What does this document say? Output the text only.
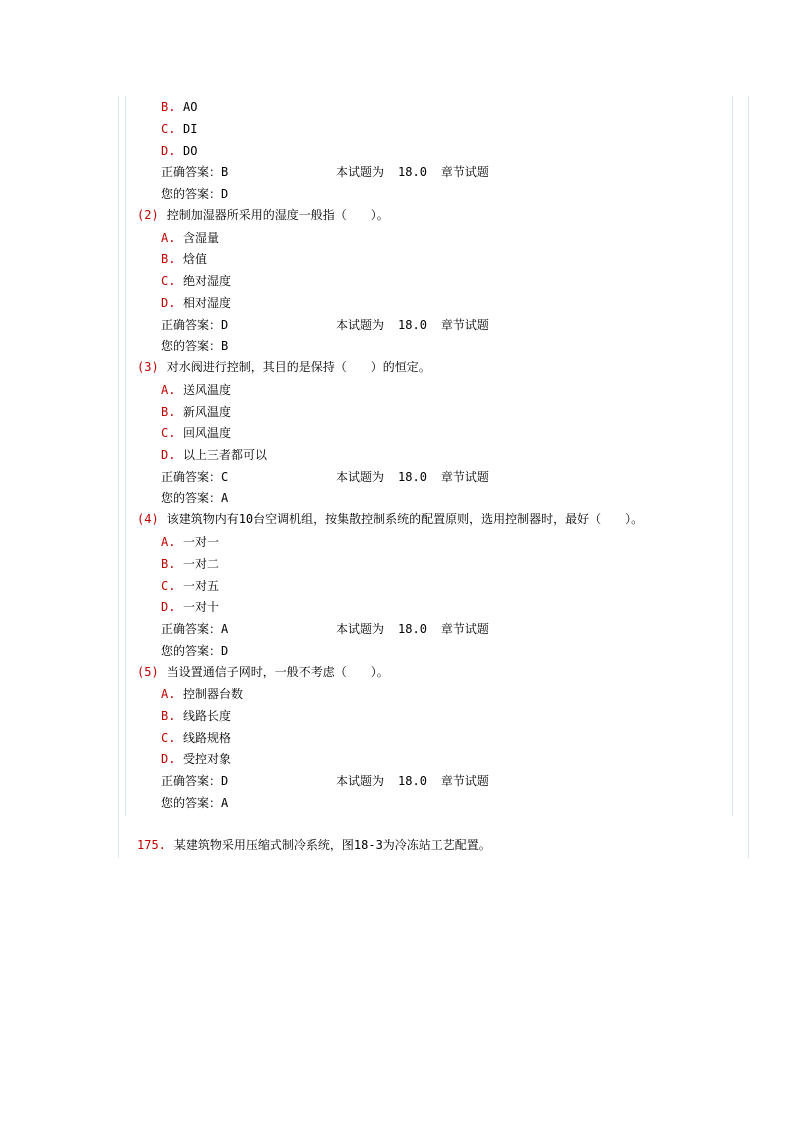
B. AO
C. DI
D. DO
正确答案：B	本试题为 18.0 章节试题
您的答案：D
(2) 控制加湿器所采用的湿度一般指（　　）。
A. 含湿量
B. 焓值
C. 绝对湿度
D. 相对湿度
正确答案：D	本试题为 18.0 章节试题
您的答案：B
(3) 对水阀进行控制，其目的是保持（　　）的恒定。
A. 送风温度
B. 新风温度
C. 回风温度
D. 以上三者都可以
正确答案：C	本试题为 18.0 章节试题
您的答案：A
(4) 该建筑物内有10台空调机组，按集散控制系统的配置原则，选用控制器时，最好（　　）。
A. 一对一
B. 一对二
C. 一对五
D. 一对十
正确答案：A	本试题为 18.0 章节试题
您的答案：D
(5) 当设置通信子网时，一般不考虑（　　）。
A. 控制器台数
B. 线路长度
C. 线路规格
D. 受控对象
正确答案：D	本试题为 18.0 章节试题
您的答案：A
175. 某建筑物采用压缩式制冷系统，图18-3为冷冻站工艺配置。
